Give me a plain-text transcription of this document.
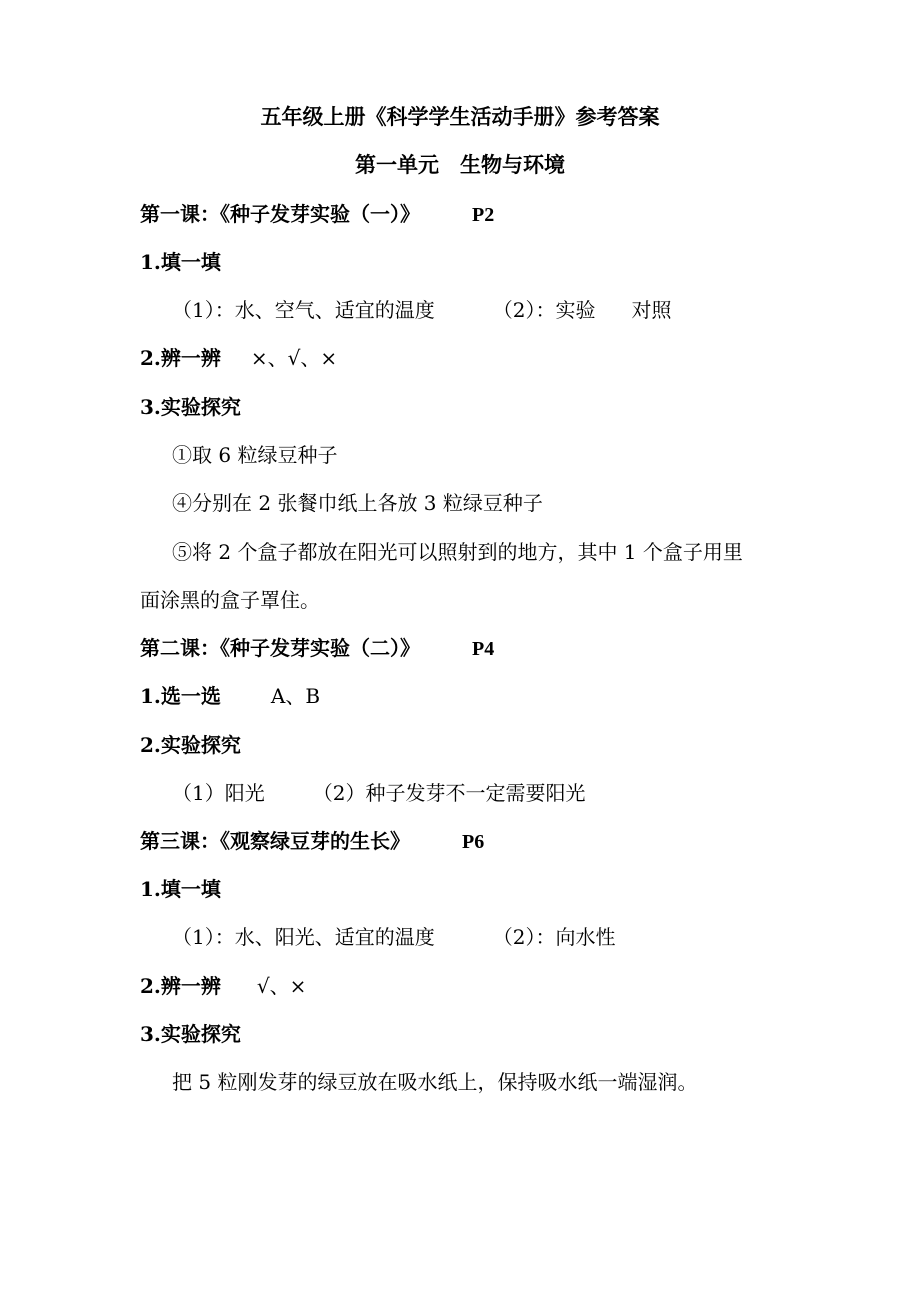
五年级上册《科学学生活动手册》参考答案
第一单元　生物与环境
第一课：《种子发芽实验（一）》	P2
1.填一填
（1）：水、空气、适宜的温度	（2）：实验 对照
2.辨一辨 ×、√、×
3.实验探究
①取 6 粒绿豆种子
④分别在 2 张餐巾纸上各放 3 粒绿豆种子
⑤将 2 个盒子都放在阳光可以照射到的地方，其中 1 个盒子用里
面涂黑的盒子罩住。
第二课：《种子发芽实验（二）》	P4
1.选一选	A、B
2.实验探究
（1）阳光 （2）种子发芽不一定需要阳光
第三课：《观察绿豆芽的生长》	P6
1.填一填
（1）：水、阳光、适宜的温度	（2）：向水性
2.辨一辨 √、×
3.实验探究
把 5 粒刚发芽的绿豆放在吸水纸上，保持吸水纸一端湿润。
